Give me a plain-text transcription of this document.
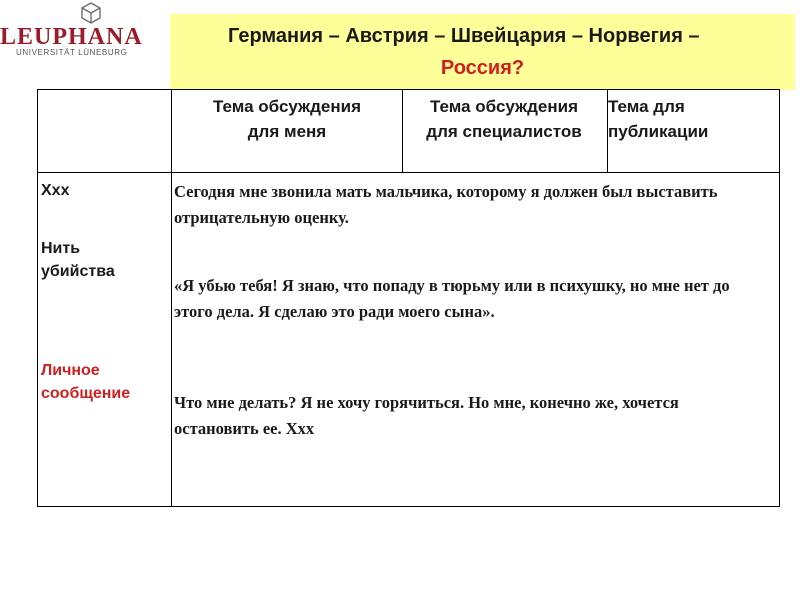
LEUPHANA
UNIVERSITÄT LÜNEBURG
Германия – Австрия – Швейцария – Норвегия –
Россия?
Тема обсуждения
для меня
Тема обсуждения
для специалистов
Тема для
публикации
Xxx
Нить
убийства
Личное
сообщение
Сегодня мне звонила мать мальчика, которому я должен был выставить отрицательную оценку.
«Я убью тебя! Я знаю, что попаду в тюрьму или в психушку, но мне нет до этого дела. Я сделаю это ради моего сына».
Что мне делать? Я не хочу горячиться. Но мне, конечно же, хочется остановить ее. Xxx
